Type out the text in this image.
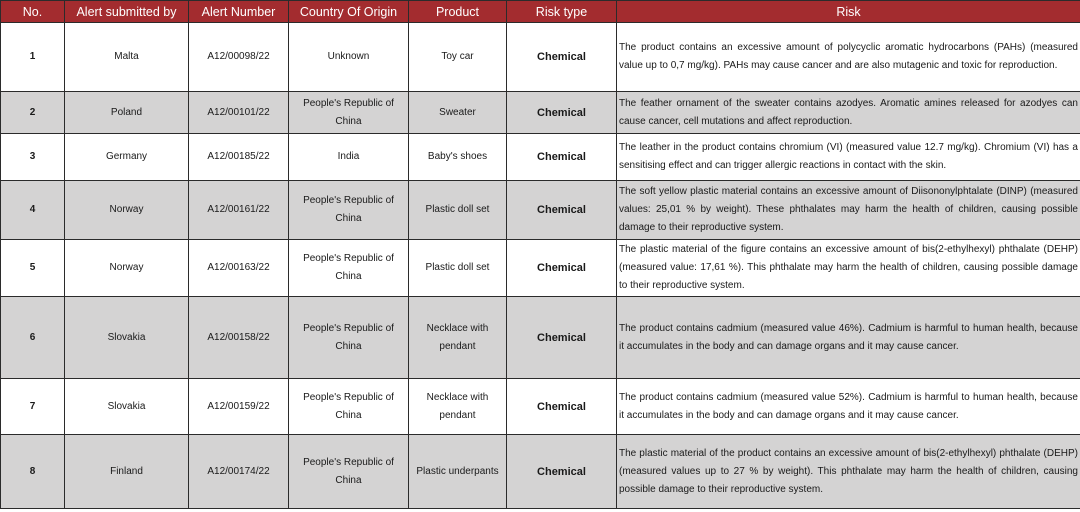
No.	Alert submitted by	Alert Number	Country Of Origin	Product	Risk type	Risk
1	Malta	A12/00098/22	Unknown	Toy car	Chemical	The product contains an excessive amount of polycyclic aromatic hydrocarbons (PAHs) (measured value up to 0,7 mg/kg). PAHs may cause cancer and are also mutagenic and toxic for reproduction.
2	Poland	A12/00101/22	People's Republic of China	Sweater	Chemical	The feather ornament of the sweater contains azodyes. Aromatic amines released for azodyes can cause cancer, cell mutations and affect reproduction.
3	Germany	A12/00185/22	India	Baby's shoes	Chemical	The leather in the product contains chromium (VI) (measured value 12.7 mg/kg). Chromium (VI) has a sensitising effect and can trigger allergic reactions in contact with the skin.
4	Norway	A12/00161/22	People's Republic of China	Plastic doll set	Chemical	The soft yellow plastic material contains an excessive amount of Diisononylphtalate (DINP) (measured values: 25,01 % by weight). These phthalates may harm the health of children, causing possible damage to their reproductive system.
5	Norway	A12/00163/22	People's Republic of China	Plastic doll set	Chemical	The plastic material of the figure contains an excessive amount of bis(2-ethylhexyl) phthalate (DEHP) (measured value: 17,61 %). This phthalate may harm the health of children, causing possible damage to their reproductive system.
6	Slovakia	A12/00158/22	People's Republic of China	Necklace with pendant	Chemical	The product contains cadmium (measured value 46%). Cadmium is harmful to human health, because it accumulates in the body and can damage organs and it may cause cancer.
7	Slovakia	A12/00159/22	People's Republic of China	Necklace with pendant	Chemical	The product contains cadmium (measured value 52%). Cadmium is harmful to human health, because it accumulates in the body and can damage organs and it may cause cancer.
8	Finland	A12/00174/22	People's Republic of China	Plastic underpants	Chemical	The plastic material of the product contains an excessive amount of bis(2-ethylhexyl) phthalate (DEHP) (measured values up to 27 % by weight). This phthalate may harm the health of children, causing possible damage to their reproductive system.
